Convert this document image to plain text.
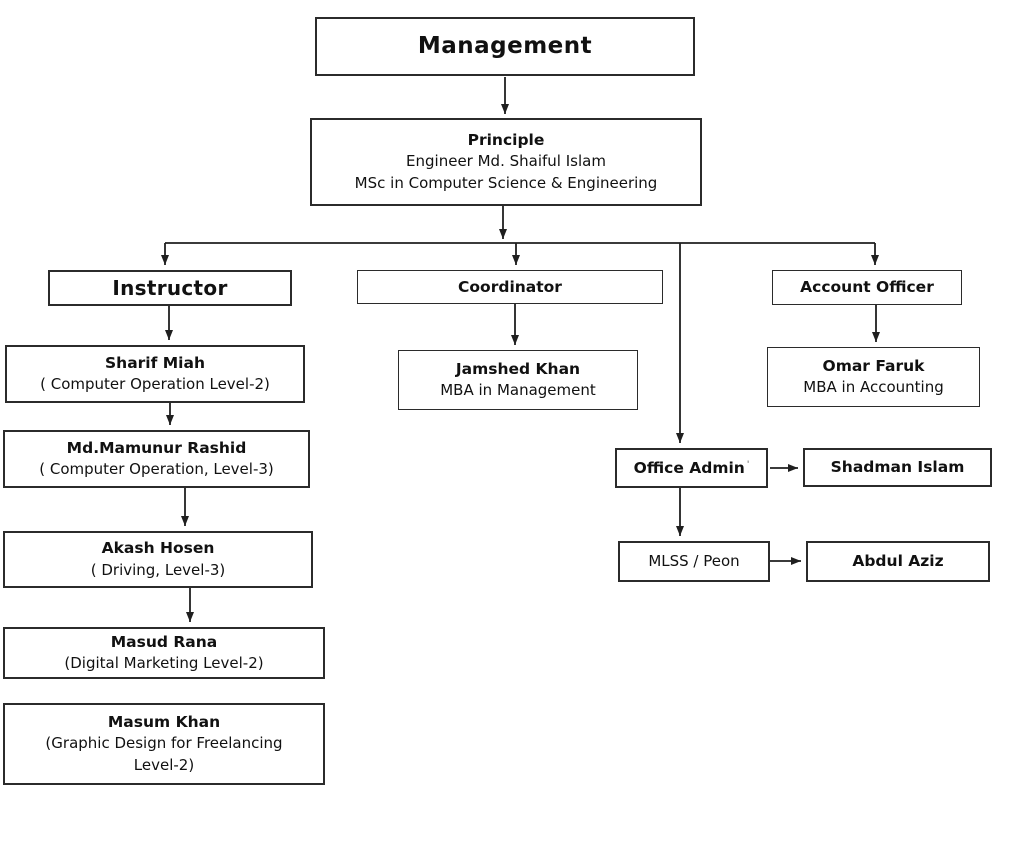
Management
Principle
Engineer Md. Shaiful Islam
MSc in Computer Science & Engineering
Instructor	Coordinator	Account Officer
Sharif Miah
( Computer Operation Level-2)
Md.Mamunur Rashid
( Computer Operation, Level-3)
Akash Hosen
( Driving, Level-3)
Masud Rana
(Digital Marketing Level-2)
Masum Khan
(Graphic Design for Freelancing
Level-2)
Jamshed Khan
MBA in Management
Omar Faruk
MBA in Accounting
Office Admin '	Shadman Islam
MLSS / Peon	Abdul Aziz
